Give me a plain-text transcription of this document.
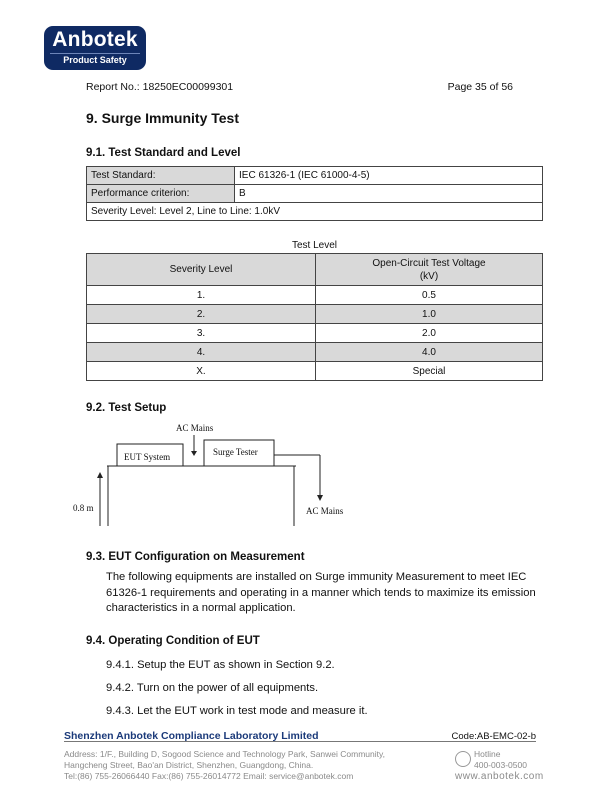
Anbotek
Product Safety
Report No.: 18250EC00099301	Page 35 of 56
9. Surge Immunity Test
9.1. Test Standard and Level
Test Standard:	IEC 61326-1 (IEC 61000-4-5)
Performance criterion:	B
Severity Level: Level 2, Line to Line: 1.0kV	
Test Level
Severity Level	Open-Circuit Test Voltage
(kV)
1.	0.5
2.	1.0
3.	2.0
4.	4.0
X.	Special
9.2. Test Setup
AC Mains
EUT System	Surge Tester
AC Mains
0.8 m
9.3. EUT Configuration on Measurement
The following equipments are installed on Surge immunity Measurement to meet IEC 61326-1 requirements and operating in a manner which tends to maximize its emission characteristics in a normal application.
9.4. Operating Condition of EUT
9.4.1. Setup the EUT as shown in Section 9.2.
9.4.2. Turn on the power of all equipments.
9.4.3. Let the EUT work in test mode and measure it.
Shenzhen Anbotek Compliance Laboratory Limited	Code:AB-EMC-02-b
Address: 1/F., Building D, Sogood Science and Technology Park, Sanwei Community,
Hangcheng Street, Bao'an District, Shenzhen, Guangdong, China.
Tel:(86) 755-26066440 Fax:(86) 755-26014772 Email: service@anbotek.com
Hotline
400-003-0500
www.anbotek.com
